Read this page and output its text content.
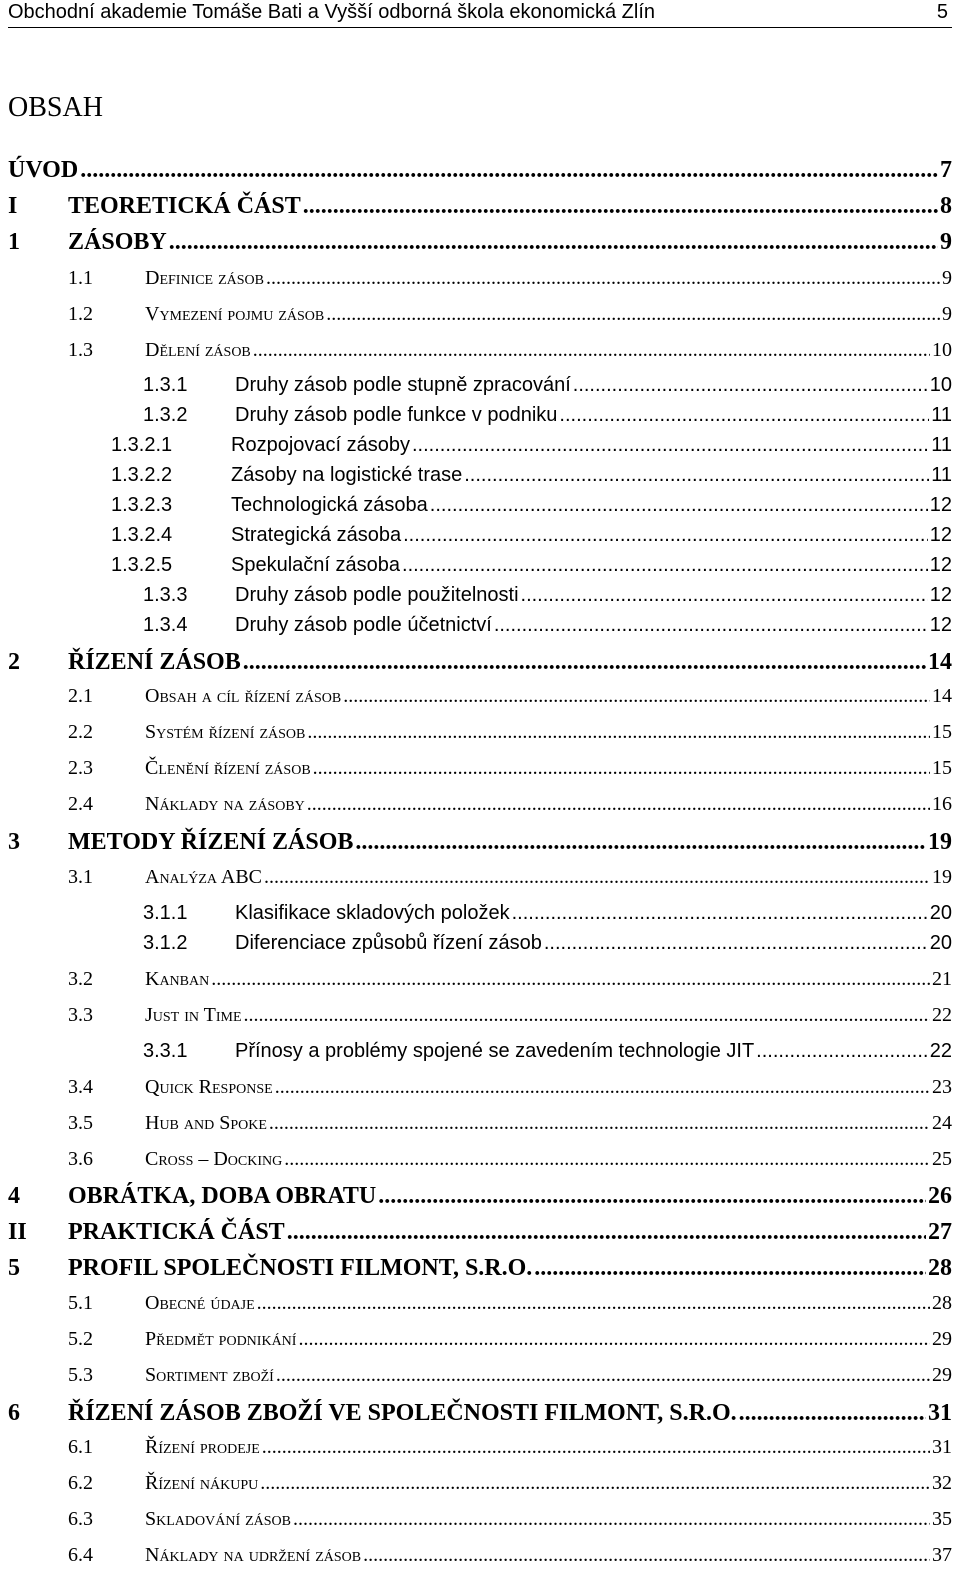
Obchodní akademie Tomáše Bati a Vyšší odborná škola ekonomická Zlín	5
OBSAH
ÚVOD .....	7
I	TEORETICKÁ ČÁST .....	8
1	ZÁSOBY .....	9
1.1	Definice zásob .....	9
1.2	Vymezení pojmu zásob .....	9
1.3	Dělení zásob .....	10
1.3.1	Druhy zásob podle stupně zpracování .....	10
1.3.2	Druhy zásob podle funkce v podniku .....	11
1.3.2.1	Rozpojovací zásoby .....	11
1.3.2.2	Zásoby na logistické trase .....	11
1.3.2.3	Technologická zásoba .....	12
1.3.2.4	Strategická zásoba .....	12
1.3.2.5	Spekulační zásoba .....	12
1.3.3	Druhy zásob podle použitelnosti .....	12
1.3.4	Druhy zásob podle účetnictví .....	12
2	ŘÍZENÍ ZÁSOB .....	14
2.1	Obsah a cíl řízení zásob .....	14
2.2	Systém řízení zásob .....	15
2.3	Členění řízení zásob .....	15
2.4	Náklady na zásoby .....	16
3	METODY ŘÍZENÍ ZÁSOB .....	19
3.1	Analýza ABC .....	19
3.1.1	Klasifikace skladových položek .....	20
3.1.2	Diferenciace způsobů řízení zásob .....	20
3.2	Kanban .....	21
3.3	Just in Time .....	22
3.3.1	Přínosy a problémy spojené se zavedením technologie JIT .....	22
3.4	Quick Response .....	23
3.5	Hub and Spoke .....	24
3.6	Cross – Docking .....	25
4	OBRÁTKA, DOBA OBRATU .....	26
II	PRAKTICKÁ ČÁST .....	27
5	PROFIL SPOLEČNOSTI FILMONT, S.R.O. .....	28
5.1	Obecné údaje .....	28
5.2	Předmět podnikání .....	29
5.3	Sortiment zboží .....	29
6	ŘÍZENÍ ZÁSOB ZBOŽÍ VE SPOLEČNOSTI FILMONT, S.R.O. .....	31
6.1	Řízení prodeje .....	31
6.2	Řízení nákupu .....	32
6.3	Skladování zásob .....	35
6.4	Náklady na udržení zásob .....	37
